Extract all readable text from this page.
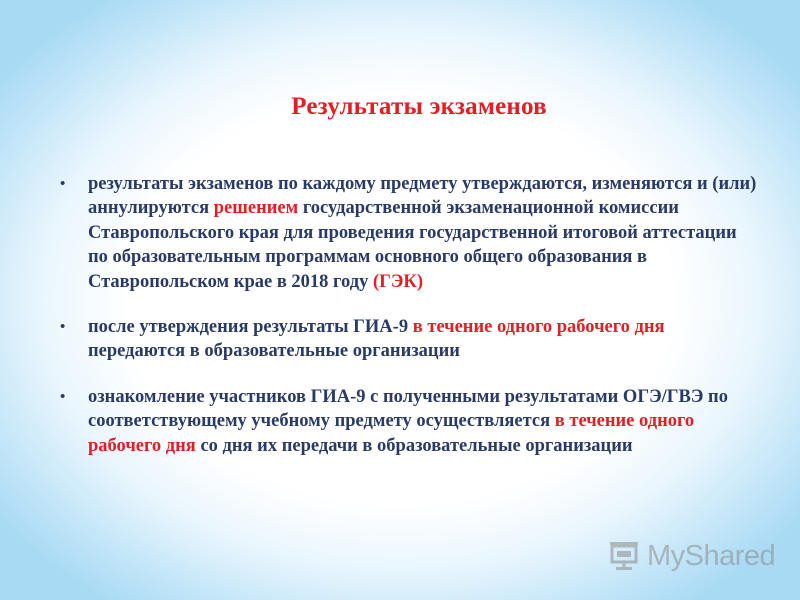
Результаты экзаменов
• результаты экзаменов по каждому предмету утверждаются, изменяются и (или) аннулируются решением государственной экзаменационной комиссии Ставропольского края для проведения государственной итоговой аттестации по образовательным программам основного общего образования в Ставропольском крае в 2018 году (ГЭК)
• после утверждения результаты ГИА-9 в течение одного рабочего дня передаются в образовательные организации
• ознакомление участников ГИА-9 с полученными результатами ОГЭ/ГВЭ по соответствующему учебному предмету осуществляется в течение одного рабочего дня со дня их передачи в образовательные организации
MyShared
